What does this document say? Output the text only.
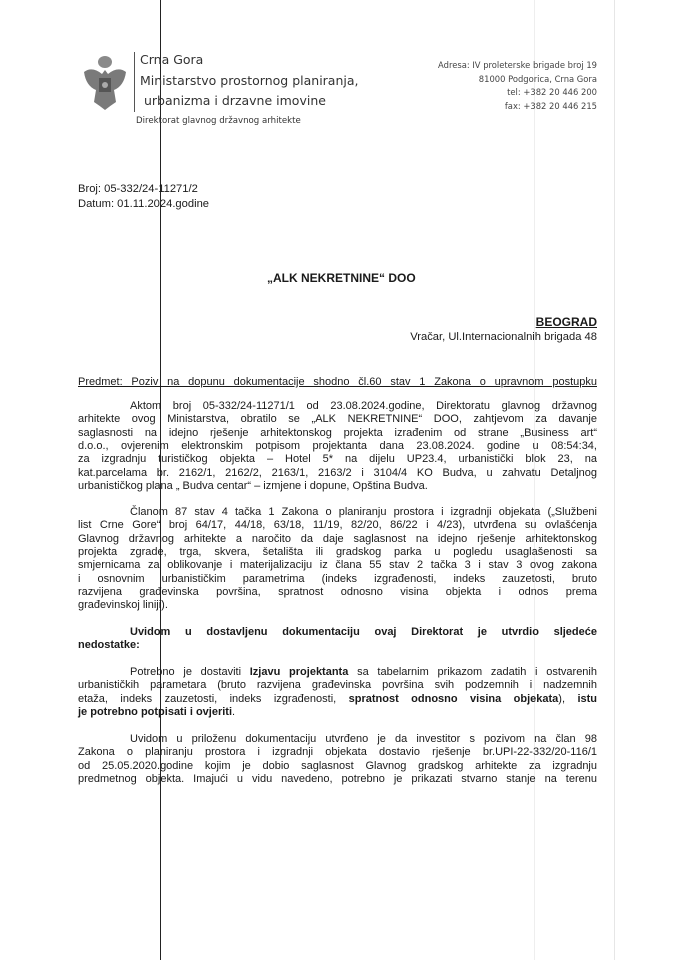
Crna Gora
Ministarstvo prostornog planiranja,
urbanizma i drzavne imovine
Direktorat glavnog državnog arhitekte
Adresa: IV proleterske brigade broj 19
81000 Podgorica, Crna Gora
tel: +382 20 446 200
fax: +382 20 446 215
Broj: 05-332/24-11271/2
Datum: 01.11.2024.godine
„ALK NEKRETNINE“ DOO
BEOGRAD
Vračar, Ul.Internacionalnih brigada 48
Predmet: Poziv na dopunu dokumentacije shodno čl.60 stav 1 Zakona o upravnom postupku
Aktom broj 05-332/24-11271/1 od 23.08.2024.godine, Direktoratu glavnog državnog
arhitekte ovog Ministarstva, obratilo se „ALK NEKRETNINE“ DOO, zahtjevom za davanje
saglasnosti na idejno rješenje arhitektonskog projekta izrađenim od strane „Business art“
d.o.o., ovjerenim elektronskim potpisom projektanta dana 23.08.2024. godine u 08:54:34,
za izgradnju turističkog objekta – Hotel 5* na dijelu UP23.4, urbanistički blok 23, na
kat.parcelama br. 2162/1, 2162/2, 2163/1, 2163/2 i 3104/4 KO Budva, u zahvatu Detaljnog
urbanističkog plana „ Budva centar“ – izmjene i dopune, Opština Budva.
Članom 87 stav 4 tačka 1 Zakona o planiranju prostora i izgradnji objekata („Službeni
list Crne Gore“ broj 64/17, 44/18, 63/18, 11/19, 82/20, 86/22 i 4/23), utvrđena su ovlašćenja
Glavnog državnog arhitekte a naročito da daje saglasnost na idejno rješenje arhitektonskog
projekta zgrade, trga, skvera, šetališta ili gradskog parka u pogledu usaglašenosti sa
smjernicama za oblikovanje i materijalizaciju iz člana 55 stav 2 tačka 3 i stav 3 ovog zakona
i osnovnim urbanističkim parametrima (indeks izgrađenosti, indeks zauzetosti, bruto
razvijena građevinska površina, spratnost odnosno visina objekta i odnos prema
građevinskoj liniji).
Uvidom u dostavljenu dokumentaciju ovaj Direktorat je utvrdio sljedeće
nedostatke:
Potrebno je dostaviti Izjavu projektanta sa tabelarnim prikazom zadatih i ostvarenih
urbanističkih parametara (bruto razvijena građevinska površina svih podzemnih i nadzemnih
etaža, indeks zauzetosti, indeks izgrađenosti, spratnost odnosno visina objekata), istu
je potrebno potpisati i ovjeriti.
Uvidom u priloženu dokumentaciju utvrđeno je da investitor s pozivom na član 98
Zakona o planiranju prostora i izgradnji objekata dostavio rješenje br.UPI-22-332/20-116/1
od 25.05.2020.godine kojim je dobio saglasnost Glavnog gradskog arhitekte za izgradnju
predmetnog objekta. Imajući u vidu navedeno, potrebno je prikazati stvarno stanje na terenu
